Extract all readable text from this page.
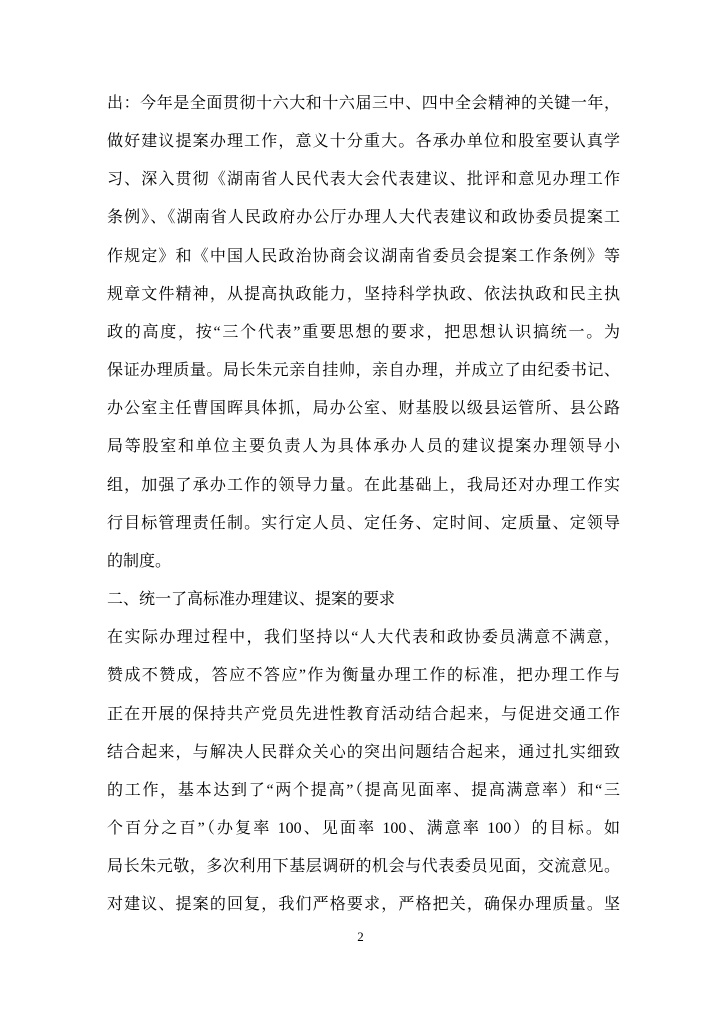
出：今年是全面贯彻十六大和十六届三中、四中全会精神的关键一年，
做好建议提案办理工作，意义十分重大。各承办单位和股室要认真学
习、深入贯彻《湖南省人民代表大会代表建议、批评和意见办理工作
条例》、《湖南省人民政府办公厅办理人大代表建议和政协委员提案工
作规定》和《中国人民政治协商会议湖南省委员会提案工作条例》等
规章文件精神，从提高执政能力，坚持科学执政、依法执政和民主执
政的高度，按“三个代表”重要思想的要求，把思想认识搞统一。为
保证办理质量。局长朱元亲自挂帅，亲自办理，并成立了由纪委书记、
办公室主任曹国晖具体抓，局办公室、财基股以级县运管所、县公路
局等股室和单位主要负责人为具体承办人员的建议提案办理领导小
组，加强了承办工作的领导力量。在此基础上，我局还对办理工作实
行目标管理责任制。实行定人员、定任务、定时间、定质量、定领导
的制度。
二、统一了高标准办理建议、提案的要求
在实际办理过程中，我们坚持以“人大代表和政协委员满意不满意，
赞成不赞成，答应不答应”作为衡量办理工作的标准，把办理工作与
正在开展的保持共产党员先进性教育活动结合起来，与促进交通工作
结合起来，与解决人民群众关心的突出问题结合起来，通过扎实细致
的工作，基本达到了“两个提高”（提高见面率、提高满意率）和“三
个百分之百”（办复率 100、见面率 100、满意率 100）的目标。如
局长朱元敬，多次利用下基层调研的机会与代表委员见面，交流意见。
对建议、提案的回复，我们严格要求，严格把关，确保办理质量。坚
2
